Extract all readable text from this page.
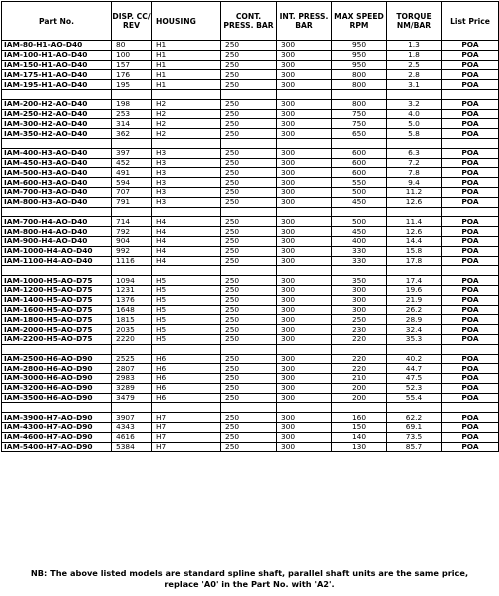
Part No.	DISP. CC/ REV	HOUSING	CONT. PRESS. BAR	INT. PRESS. BAR	MAX SPEED RPM	TORQUE NM/BAR	List Price
IAM-80-H1-AO-D40	80	H1	250	300	950	1.3	POA
IAM-100-H1-AO-D40	100	H1	250	300	950	1.8	POA
IAM-150-H1-AO-D40	157	H1	250	300	950	2.5	POA
IAM-175-H1-AO-D40	176	H1	250	300	800	2.8	POA
IAM-195-H1-AO-D40	195	H1	250	300	800	3.1	POA

IAM-200-H2-AO-D40	198	H2	250	300	800	3.2	POA
IAM-250-H2-AO-D40	253	H2	250	300	750	4.0	POA
IAM-300-H2-AO-D40	314	H2	250	300	750	5.0	POA
IAM-350-H2-AO-D40	362	H2	250	300	650	5.8	POA

IAM-400-H3-AO-D40	397	H3	250	300	600	6.3	POA
IAM-450-H3-AO-D40	452	H3	250	300	600	7.2	POA
IAM-500-H3-AO-D40	491	H3	250	300	600	7.8	POA
IAM-600-H3-AO-D40	594	H3	250	300	550	9.4	POA
IAM-700-H3-AO-D40	707	H3	250	300	500	11.2	POA
IAM-800-H3-AO-D40	791	H3	250	300	450	12.6	POA

IAM-700-H4-AO-D40	714	H4	250	300	500	11.4	POA
IAM-800-H4-AO-D40	792	H4	250	300	450	12.6	POA
IAM-900-H4-AO-D40	904	H4	250	300	400	14.4	POA
IAM-1000-H4-AO-D40	992	H4	250	300	330	15.8	POA
IAM-1100-H4-AO-D40	1116	H4	250	300	330	17.8	POA

IAM-1000-H5-AO-D75	1094	H5	250	300	350	17.4	POA
IAM-1200-H5-AO-D75	1231	H5	250	300	300	19.6	POA
IAM-1400-H5-AO-D75	1376	H5	250	300	300	21.9	POA
IAM-1600-H5-AO-D75	1648	H5	250	300	300	26.2	POA
IAM-1800-H5-AO-D75	1815	H5	250	300	250	28.9	POA
IAM-2000-H5-AO-D75	2035	H5	250	300	230	32.4	POA
IAM-2200-H5-AO-D75	2220	H5	250	300	220	35.3	POA

IAM-2500-H6-AO-D90	2525	H6	250	300	220	40.2	POA
IAM-2800-H6-AO-D90	2807	H6	250	300	220	44.7	POA
IAM-3000-H6-AO-D90	2983	H6	250	300	210	47.5	POA
IAM-3200-H6-AO-D90	3289	H6	250	300	200	52.3	POA
IAM-3500-H6-AO-D90	3479	H6	250	300	200	55.4	POA

IAM-3900-H7-AO-D90	3907	H7	250	300	160	62.2	POA
IAM-4300-H7-AO-D90	4343	H7	250	300	150	69.1	POA
IAM-4600-H7-AO-D90	4616	H7	250	300	140	73.5	POA
IAM-5400-H7-AO-D90	5384	H7	250	300	130	85.7	POA
NB: The above listed models are standard spline shaft, parallel shaft units are the same price,
replace 'A0' in the Part No. with 'A2'.
